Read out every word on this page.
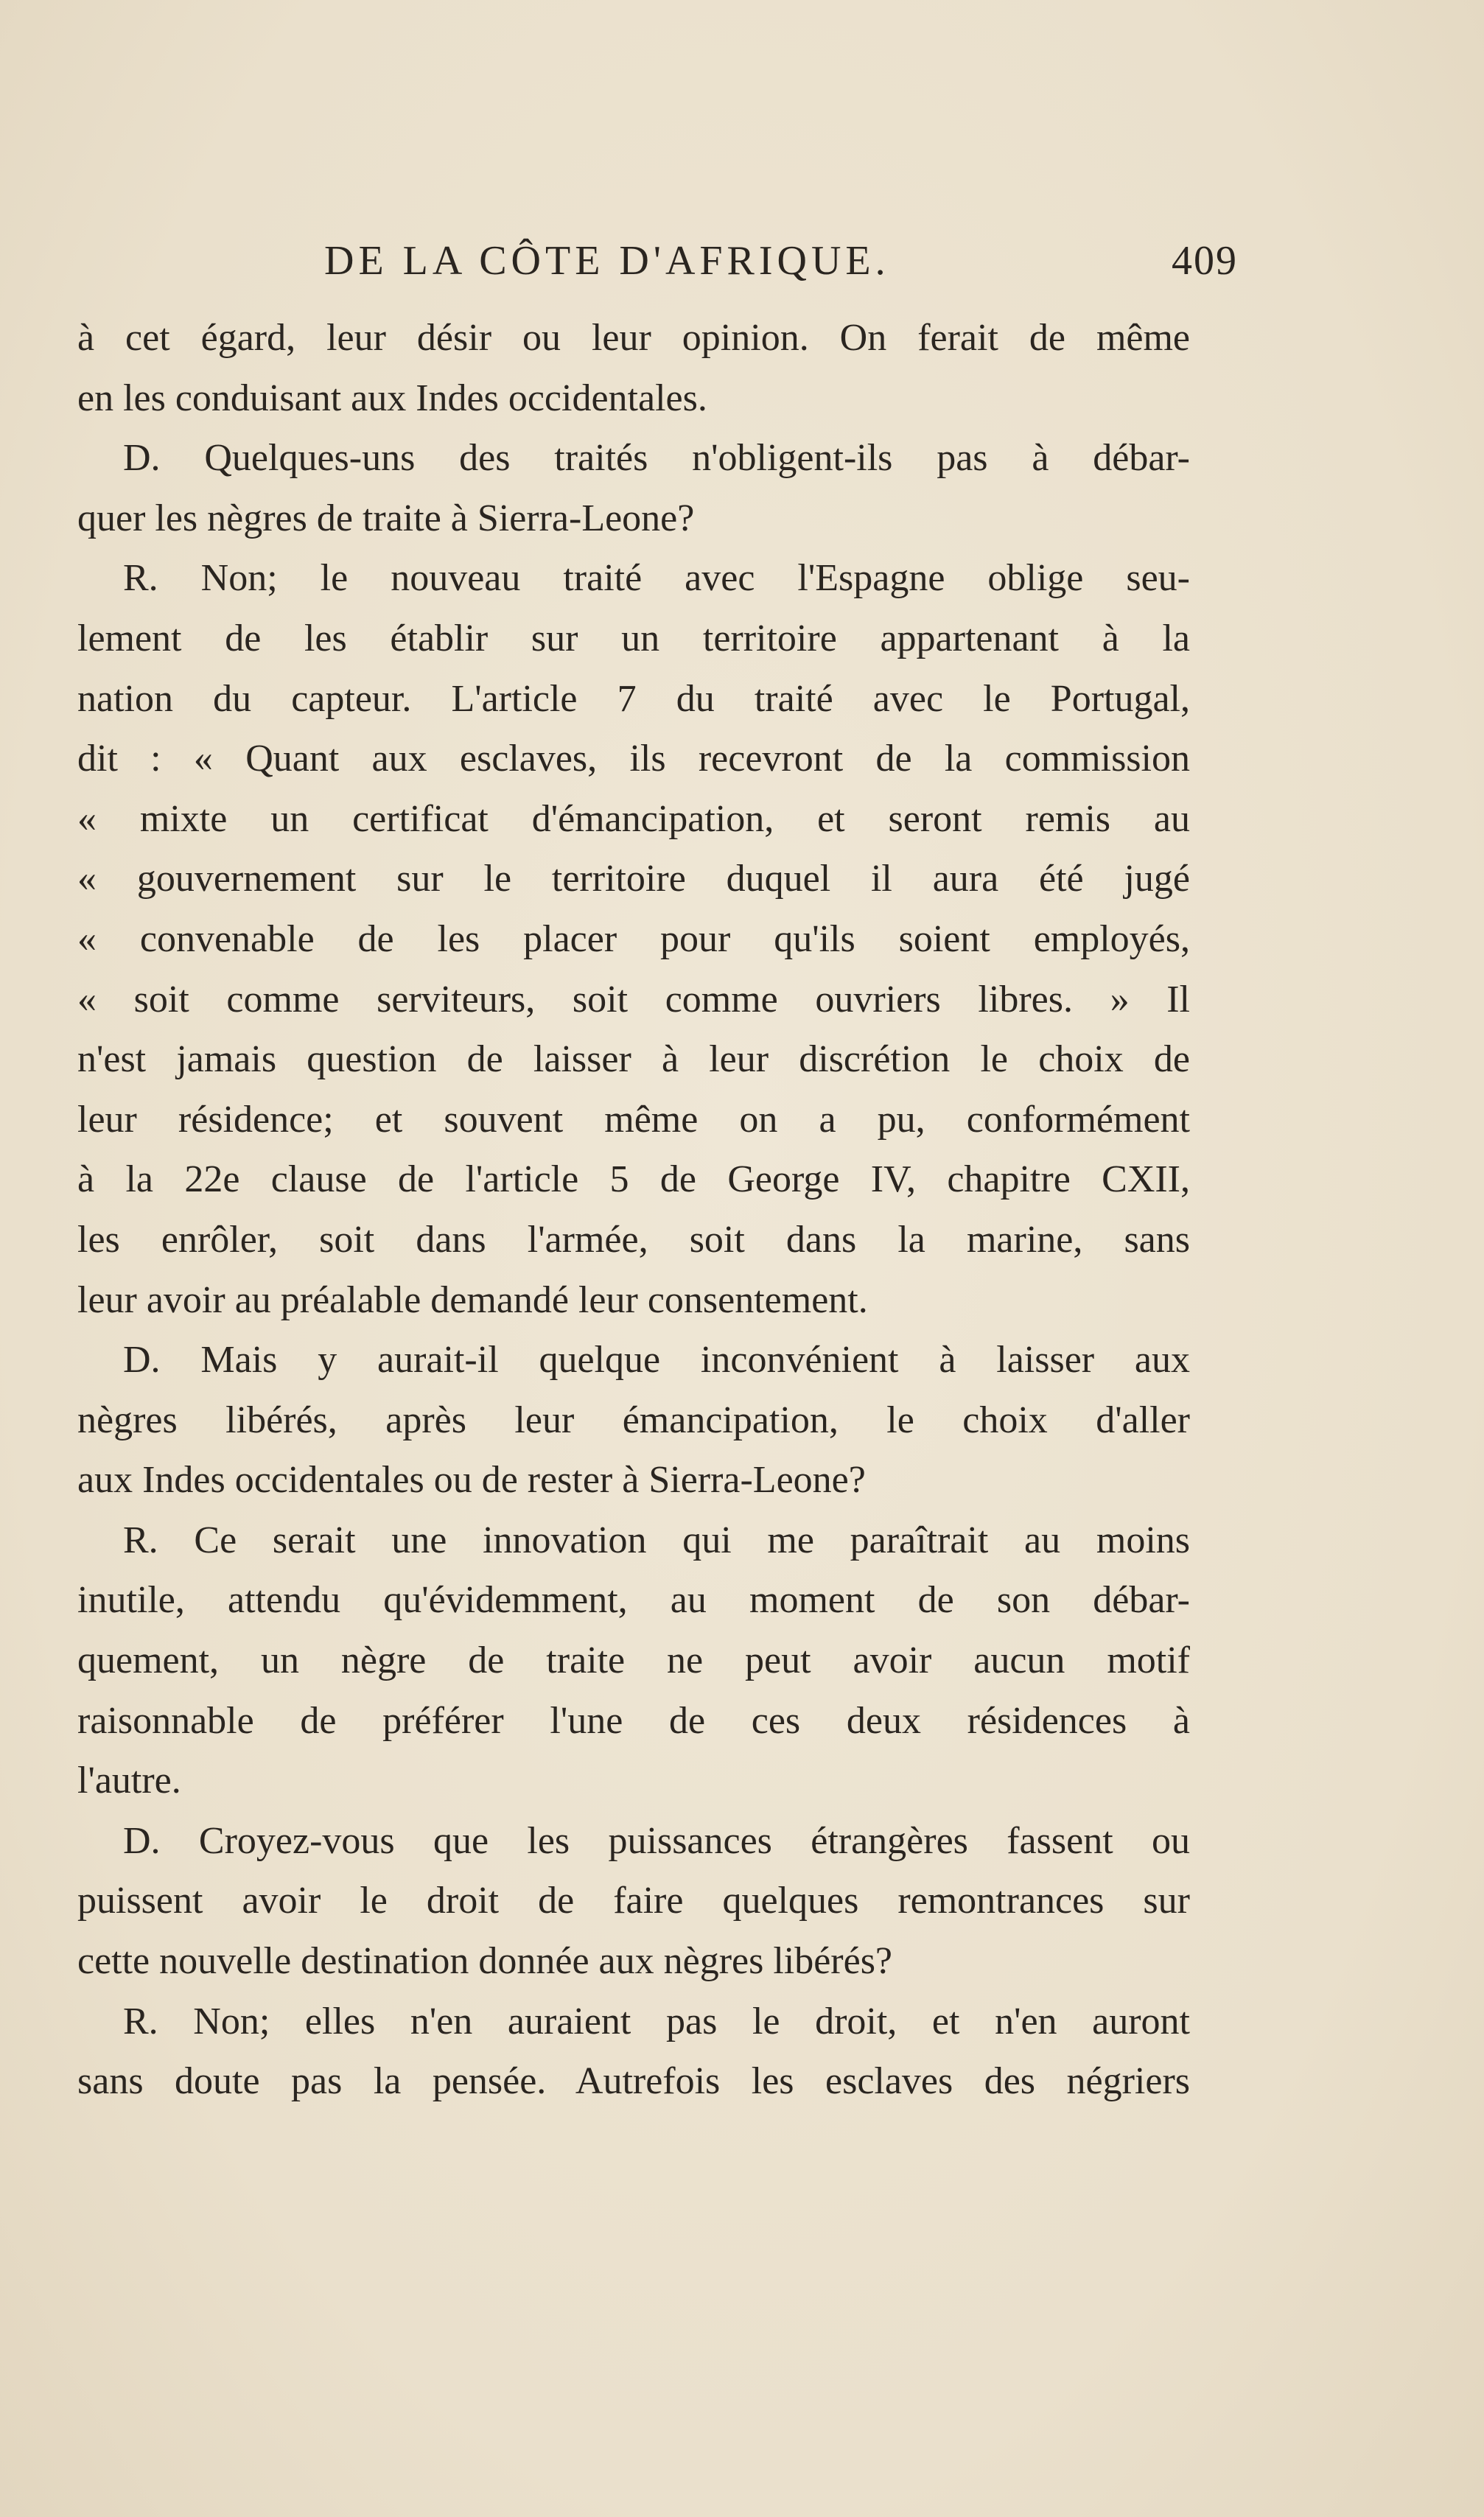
DE LA CÔTE D'AFRIQUE.	409
à cet égard, leur désir ou leur opinion. On ferait de même
en les conduisant aux Indes occidentales.
D. Quelques-uns des traités n'obligent-ils pas à débar-
quer les nègres de traite à Sierra-Leone?
R. Non; le nouveau traité avec l'Espagne oblige seu-
lement de les établir sur un territoire appartenant à la
nation du capteur. L'article 7 du traité avec le Portugal,
dit : « Quant aux esclaves, ils recevront de la commission
« mixte un certificat d'émancipation, et seront remis au
« gouvernement sur le territoire duquel il aura été jugé
« convenable de les placer pour qu'ils soient employés,
« soit comme serviteurs, soit comme ouvriers libres. » Il
n'est jamais question de laisser à leur discrétion le choix de
leur résidence; et souvent même on a pu, conformément
à la 22e clause de l'article 5 de George IV, chapitre CXII,
les enrôler, soit dans l'armée, soit dans la marine, sans
leur avoir au préalable demandé leur consentement.
D. Mais y aurait-il quelque inconvénient à laisser aux
nègres libérés, après leur émancipation, le choix d'aller
aux Indes occidentales ou de rester à Sierra-Leone?
R. Ce serait une innovation qui me paraîtrait au moins
inutile, attendu qu'évidemment, au moment de son débar-
quement, un nègre de traite ne peut avoir aucun motif
raisonnable de préférer l'une de ces deux résidences à
l'autre.
D. Croyez-vous que les puissances étrangères fassent ou
puissent avoir le droit de faire quelques remontrances sur
cette nouvelle destination donnée aux nègres libérés?
R. Non; elles n'en auraient pas le droit, et n'en auront
sans doute pas la pensée. Autrefois les esclaves des négriers
